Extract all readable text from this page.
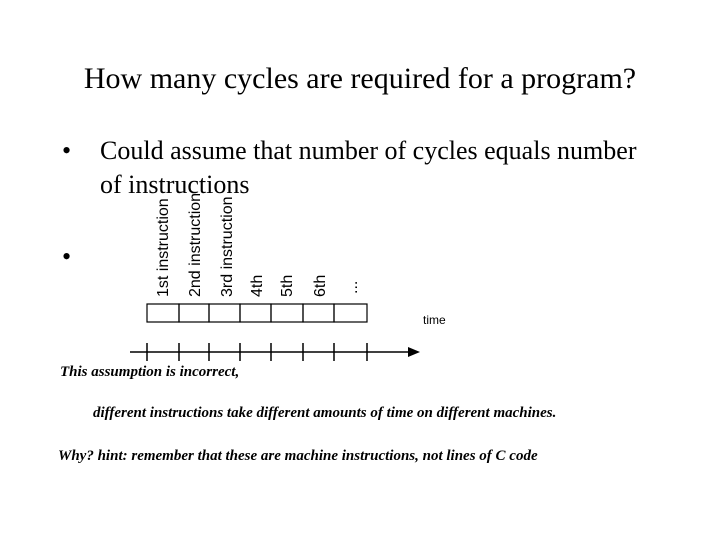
How many cycles are required for a program?
•	Could assume that number of cycles equals number of instructions
•	1st instruction 2nd instruction 3rd instruction 4th 5th 6th ...
time
This assumption is incorrect,
different instructions take different amounts of time on different machines.
Why? hint: remember that these are machine instructions, not lines of C code
